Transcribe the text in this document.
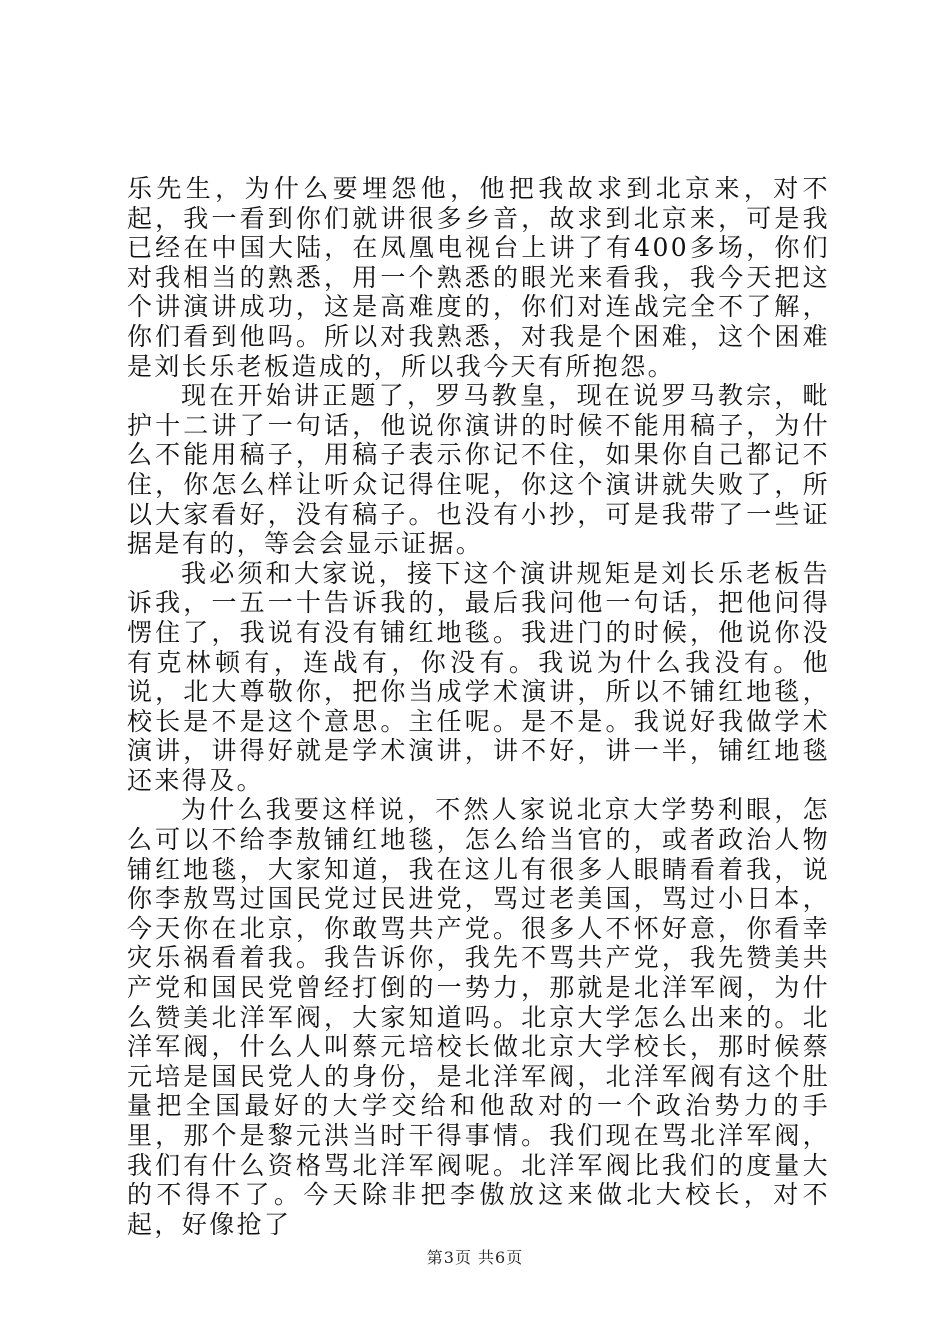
乐先生，为什么要埋怨他，他把我故求到北京来，对不起，我一看到你们就讲很多乡音，故求到北京来，可是我已经在中国大陆，在凤凰电视台上讲了有400多场，你们对我相当的熟悉，用一个熟悉的眼光来看我，我今天把这个讲演讲成功，这是高难度的，你们对连战完全不了解，你们看到他吗。所以对我熟悉，对我是个困难，这个困难是刘长乐老板造成的，所以我今天有所抱怨。

现在开始讲正题了，罗马教皇，现在说罗马教宗，毗护十二讲了一句话，他说你演讲的时候不能用稿子，为什么不能用稿子，用稿子表示你记不住，如果你自己都记不住，你怎么样让听众记得住呢，你这个演讲就失败了，所以大家看好，没有稿子。也没有小抄，可是我带了一些证据是有的，等会会显示证据。

我必须和大家说，接下这个演讲规矩是刘长乐老板告诉我，一五一十告诉我的，最后我问他一句话，把他问得愣住了，我说有没有铺红地毯。我进门的时候，他说你没有克林顿有，连战有，你没有。我说为什么我没有。他说，北大尊敬你，把你当成学术演讲，所以不铺红地毯，校长是不是这个意思。主任呢。是不是。我说好我做学术演讲，讲得好就是学术演讲，讲不好，讲一半，铺红地毯还来得及。

为什么我要这样说，不然人家说北京大学势利眼，怎么可以不给李敖铺红地毯，怎么给当官的，或者政治人物铺红地毯，大家知道，我在这儿有很多人眼睛看着我，说你李敖骂过国民党过民进党，骂过老美国，骂过小日本，今天你在北京，你敢骂共产党。很多人不怀好意，你看幸灾乐祸看着我。我告诉你，我先不骂共产党，我先赞美共产党和国民党曾经打倒的一势力，那就是北洋军阀，为什么赞美北洋军阀，大家知道吗。北京大学怎么出来的。北洋军阀，什么人叫蔡元培校长做北京大学校长，那时候蔡元培是国民党人的身份，是北洋军阀，北洋军阀有这个肚量把全国最好的大学交给和他敌对的一个政治势力的手里，那个是黎元洪当时干得事情。我们现在骂北洋军阀，我们有什么资格骂北洋军阀呢。北洋军阀比我们的度量大的不得不了。今天除非把李傲放这来做北大校长，对不起，好像抢了

第3页 共6页
